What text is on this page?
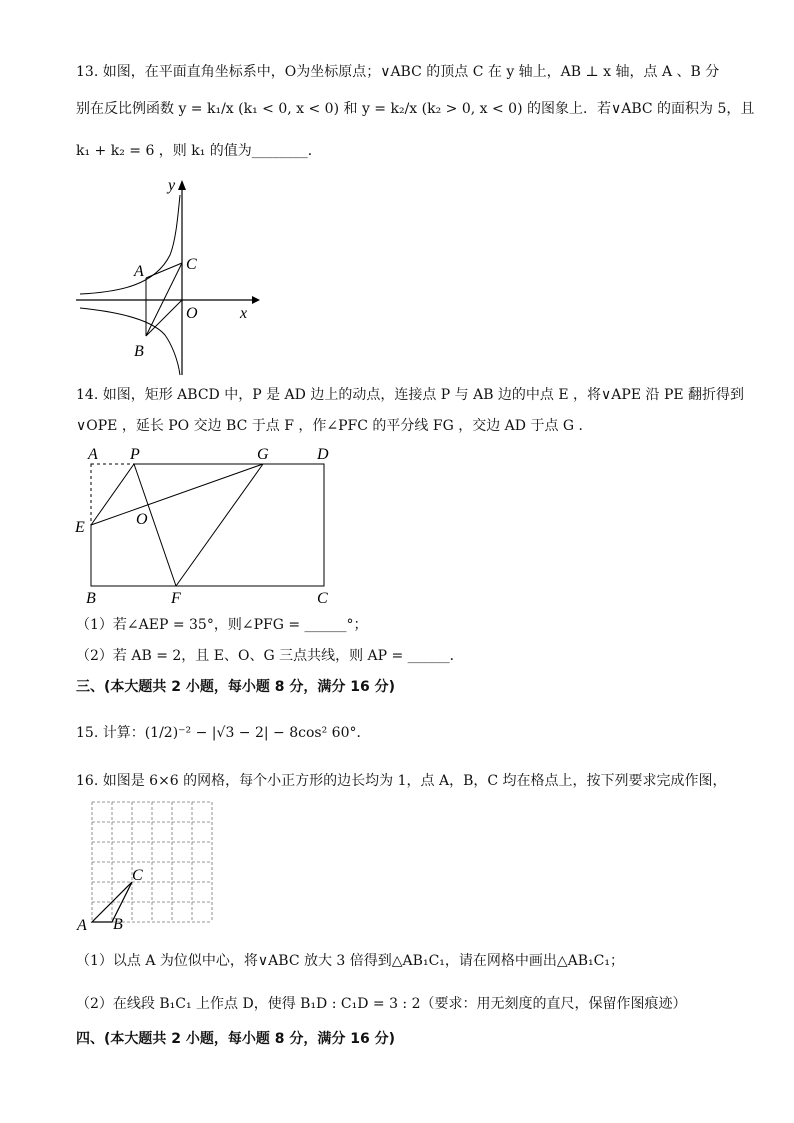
13. 如图，在平面直角坐标系中，O为坐标原点；∨ABC 的顶点 C 在 y 轴上，AB ⊥ x 轴，点 A 、B 分
别在反比例函数 y = k₁/x (k₁ < 0, x < 0) 和 y = k₂/x (k₂ > 0, x < 0) 的图象上．若∨ABC 的面积为 5，且
k₁ + k₂ = 6 ，则 k₁ 的值为________．
y
x
O
A
B
C
14. 如图，矩形 ABCD 中，P 是 AD 边上的动点，连接点 P 与 AB 边的中点 E ，将∨APE 沿 PE 翻折得到
∨OPE ，延长 PO 交边 BC 于点 F ，作∠PFC 的平分线 FG ，交边 AD 于点 G ．
A P	G	D
E	O
B	F	C
（1）若∠AEP = 35°，则∠PFG = ______°；
（2）若 AB = 2，且 E、O、G 三点共线，则 AP = ______．
三、(本大题共 2 小题，每小题 8 分，满分 16 分)
15. 计算：(1/2)⁻² − |√3 − 2| − 8cos² 60°．
16. 如图是 6×6 的网格，每个小正方形的边长均为 1，点 A，B，C 均在格点上，按下列要求完成作图，
A B
C
（1）以点 A 为位似中心，将∨ABC 放大 3 倍得到△AB₁C₁，请在网格中画出△AB₁C₁；
（2）在线段 B₁C₁ 上作点 D，使得 B₁D : C₁D = 3 : 2（要求：用无刻度的直尺，保留作图痕迹）
四、(本大题共 2 小题，每小题 8 分，满分 16 分)
